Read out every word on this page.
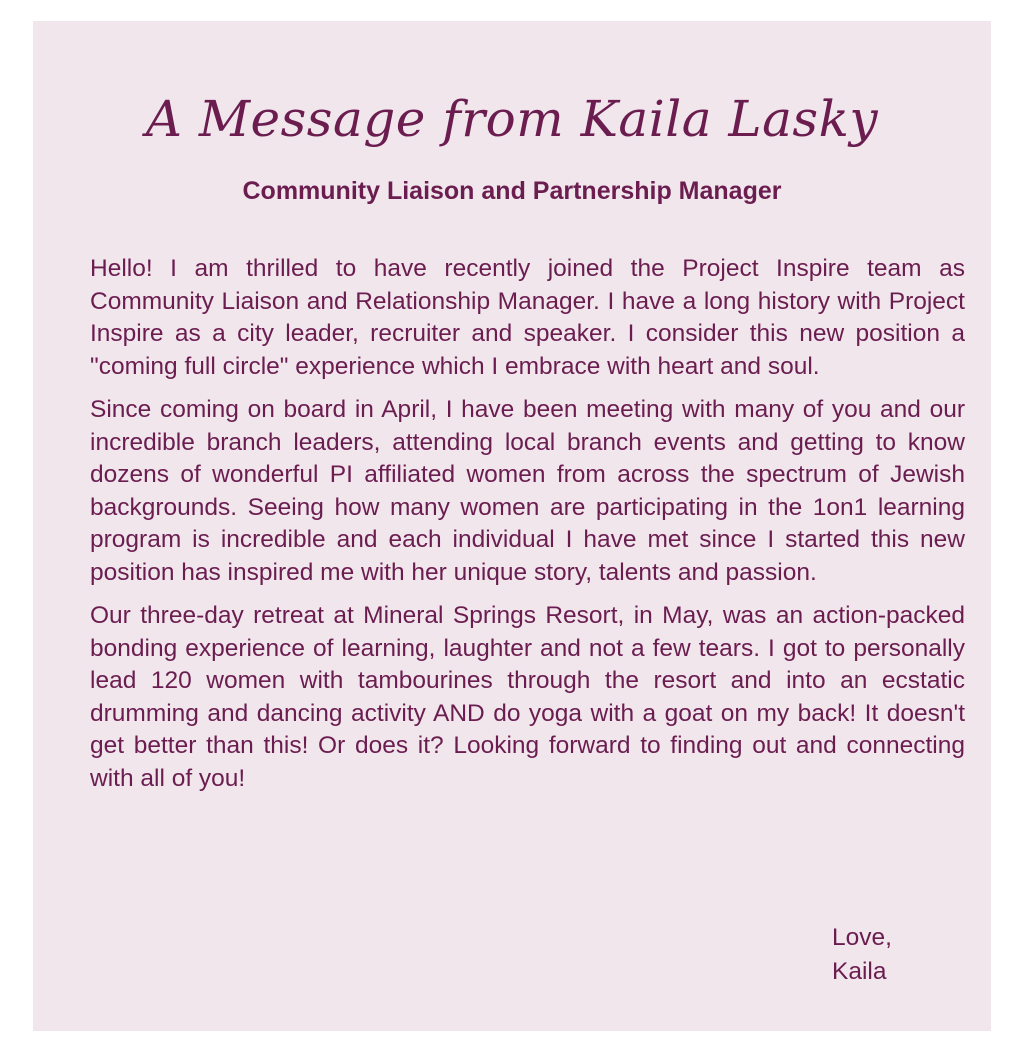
A Message from Kaila Lasky
Community Liaison and Partnership Manager

Hello! I am thrilled to have recently joined the Project Inspire team as Community Liaison and Relationship Manager. I have a long history with Project Inspire as a city leader, recruiter and speaker. I consider this new position a "coming full circle" experience which I embrace with heart and soul.

Since coming on board in April, I have been meeting with many of you and our incredible branch leaders, attending local branch events and getting to know dozens of wonderful PI affiliated women from across the spectrum of Jewish backgrounds. Seeing how many women are participating in the 1on1 learning program is incredible and each individual I have met since I started this new position has inspired me with her unique story, talents and passion.

Our three-day retreat at Mineral Springs Resort, in May, was an action-packed bonding experience of learning, laughter and not a few tears. I got to personally lead 120 women with tambourines through the resort and into an ecstatic drumming and dancing activity AND do yoga with a goat on my back! It doesn't get better than this! Or does it? Looking forward to finding out and connecting with all of you!

Love,
Kaila
